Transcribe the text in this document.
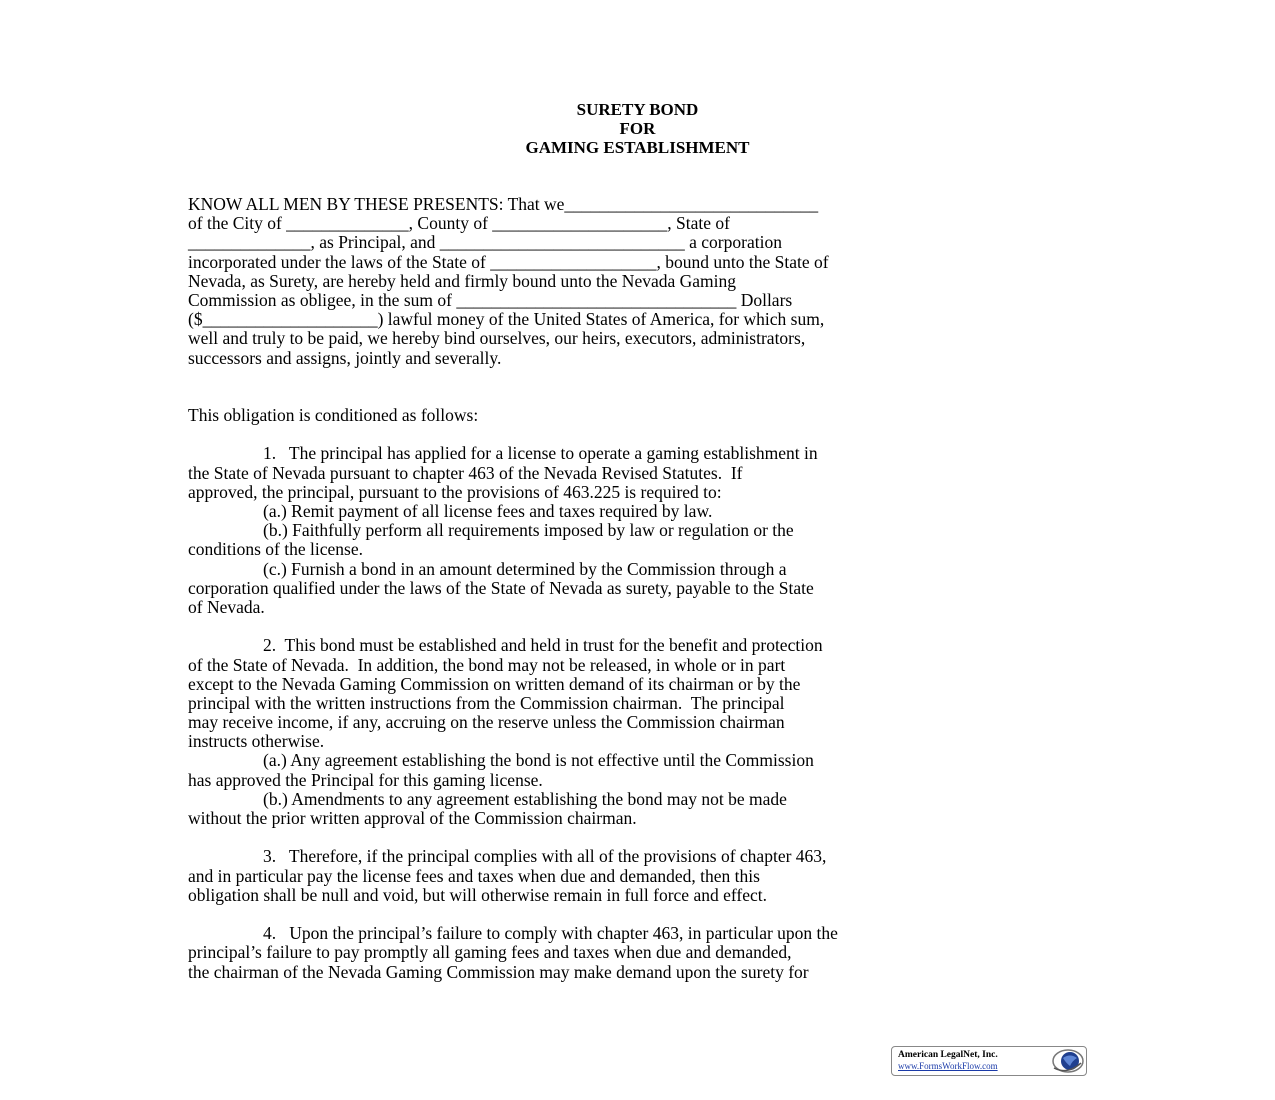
SURETY BOND
FOR
GAMING ESTABLISHMENT
KNOW ALL MEN BY THESE PRESENTS: That we_____________________________
of the City of ______________, County of ____________________, State of
______________, as Principal, and ____________________________ a corporation
incorporated under the laws of the State of ___________________, bound unto the State of
Nevada, as Surety, are hereby held and firmly bound unto the Nevada Gaming
Commission as obligee, in the sum of ________________________________ Dollars
($____________________) lawful money of the United States of America, for which sum,
well and truly to be paid, we hereby bind ourselves, our heirs, executors, administrators,
successors and assigns, jointly and severally.
This obligation is conditioned as follows:
1.   The principal has applied for a license to operate a gaming establishment in
the State of Nevada pursuant to chapter 463 of the Nevada Revised Statutes.  If
approved, the principal, pursuant to the provisions of 463.225 is required to:
(a.) Remit payment of all license fees and taxes required by law.
(b.) Faithfully perform all requirements imposed by law or regulation or the
conditions of the license.
(c.) Furnish a bond in an amount determined by the Commission through a
corporation qualified under the laws of the State of Nevada as surety, payable to the State
of Nevada.
2.  This bond must be established and held in trust for the benefit and protection
of the State of Nevada.  In addition, the bond may not be released, in whole or in part
except to the Nevada Gaming Commission on written demand of its chairman or by the
principal with the written instructions from the Commission chairman.  The principal
may receive income, if any, accruing on the reserve unless the Commission chairman
instructs otherwise.
(a.) Any agreement establishing the bond is not effective until the Commission
has approved the Principal for this gaming license.
(b.) Amendments to any agreement establishing the bond may not be made
without the prior written approval of the Commission chairman.
3.   Therefore, if the principal complies with all of the provisions of chapter 463,
and in particular pay the license fees and taxes when due and demanded, then this
obligation shall be null and void, but will otherwise remain in full force and effect.
4.   Upon the principal’s failure to comply with chapter 463, in particular upon the
principal’s failure to pay promptly all gaming fees and taxes when due and demanded,
the chairman of the Nevada Gaming Commission may make demand upon the surety for
American LegalNet, Inc.
www.FormsWorkFlow.com
